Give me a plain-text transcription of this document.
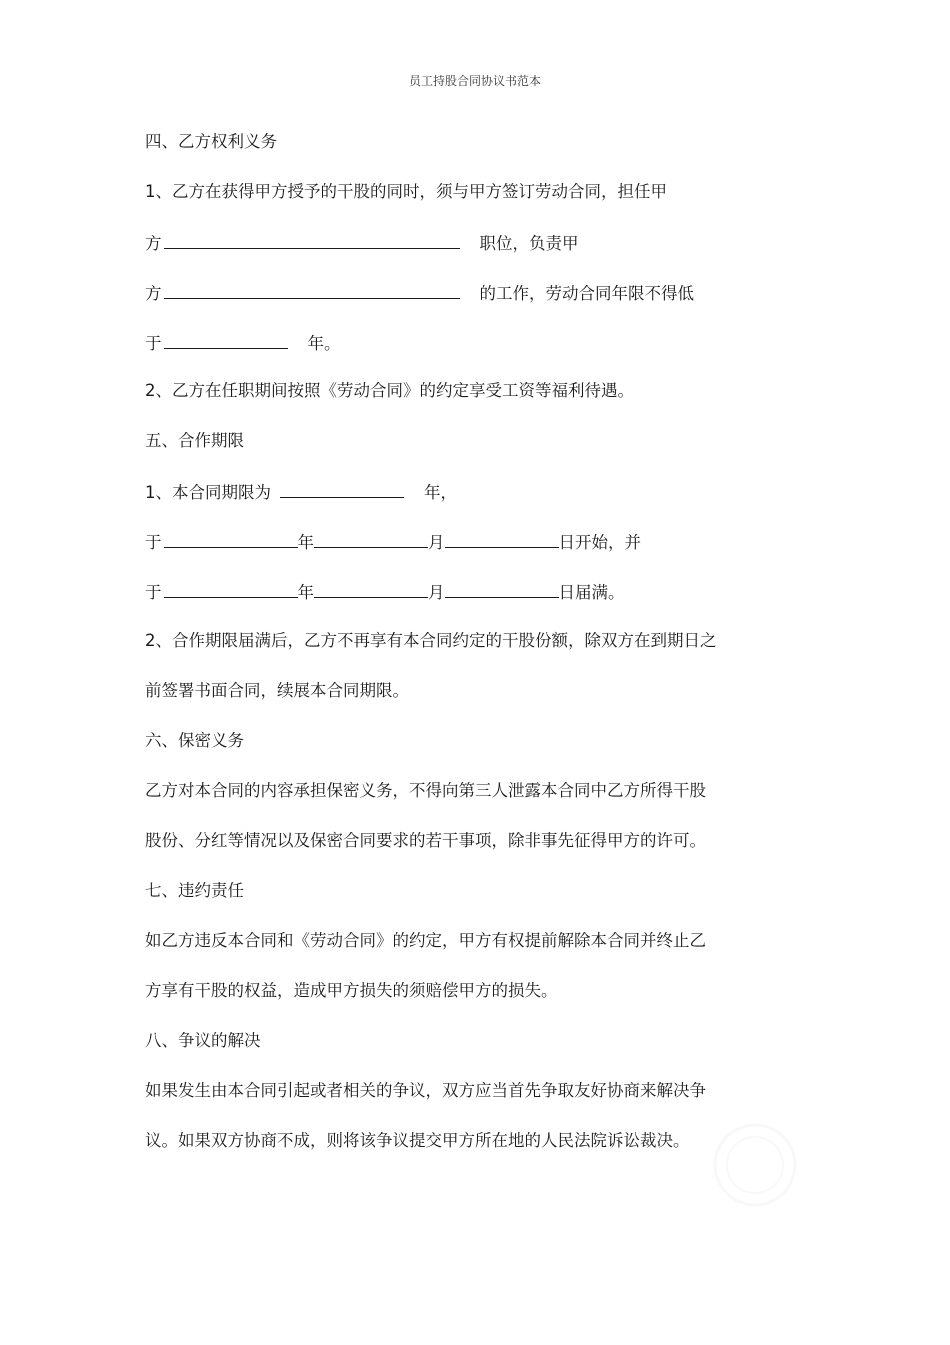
员工持股合同协议书范本
四、乙方权利义务
1、乙方在获得甲方授予的干股的同时，须与甲方签订劳动合同，担任甲
方	职位，负责甲
方	的工作，劳动合同年限不得低
于	年。
2、乙方在任职期间按照《劳动合同》的约定享受工资等福利待遇。
五、合作期限
1、本合同期限为	年，
于	年	月	日开始，并
于	年	月	日届满。
2、合作期限届满后，乙方不再享有本合同约定的干股份额，除双方在到期日之
前签署书面合同，续展本合同期限。
六、保密义务
乙方对本合同的内容承担保密义务，不得向第三人泄露本合同中乙方所得干股
股份、分红等情况以及保密合同要求的若干事项，除非事先征得甲方的许可。
七、违约责任
如乙方违反本合同和《劳动合同》的约定，甲方有权提前解除本合同并终止乙
方享有干股的权益，造成甲方损失的须赔偿甲方的损失。
八、争议的解决
如果发生由本合同引起或者相关的争议，双方应当首先争取友好协商来解决争
议。如果双方协商不成，则将该争议提交甲方所在地的人民法院诉讼裁决。
